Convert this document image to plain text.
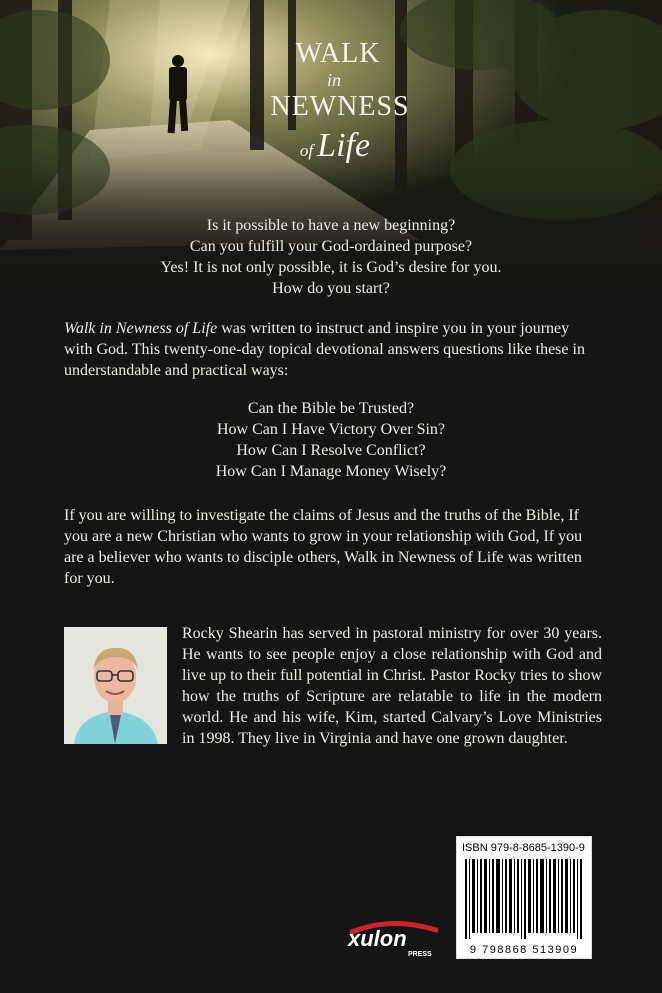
WALK
in
NEWNESS
of Life
Is it possible to have a new beginning?
Can you fulfill your God-ordained purpose?
Yes! It is not only possible, it is God’s desire for you.
How do you start?
Walk in Newness of Life was written to instruct and inspire you in your journey with God. This twenty-one-day topical devotional answers questions like these in understandable and practical ways:
Can the Bible be Trusted?
How Can I Have Victory Over Sin?
How Can I Resolve Conflict?
How Can I Manage Money Wisely?
If you are willing to investigate the claims of Jesus and the truths of the Bible, If you are a new Christian who wants to grow in your relationship with God, If you are a believer who wants to disciple others, Walk in Newness of Life was written for you.
Rocky Shearin has served in pastoral ministry for over 30 years. He wants to see people enjoy a close relationship with God and live up to their full potential in Christ. Pastor Rocky tries to show how the truths of Scripture are relatable to life in the modern world. He and his wife, Kim, started Calvary’s Love Ministries in 1998. They live in Virginia and have one grown daughter.
ISBN 979-8-8685-1390-9
9 798868 513909
xulon
PRESS
